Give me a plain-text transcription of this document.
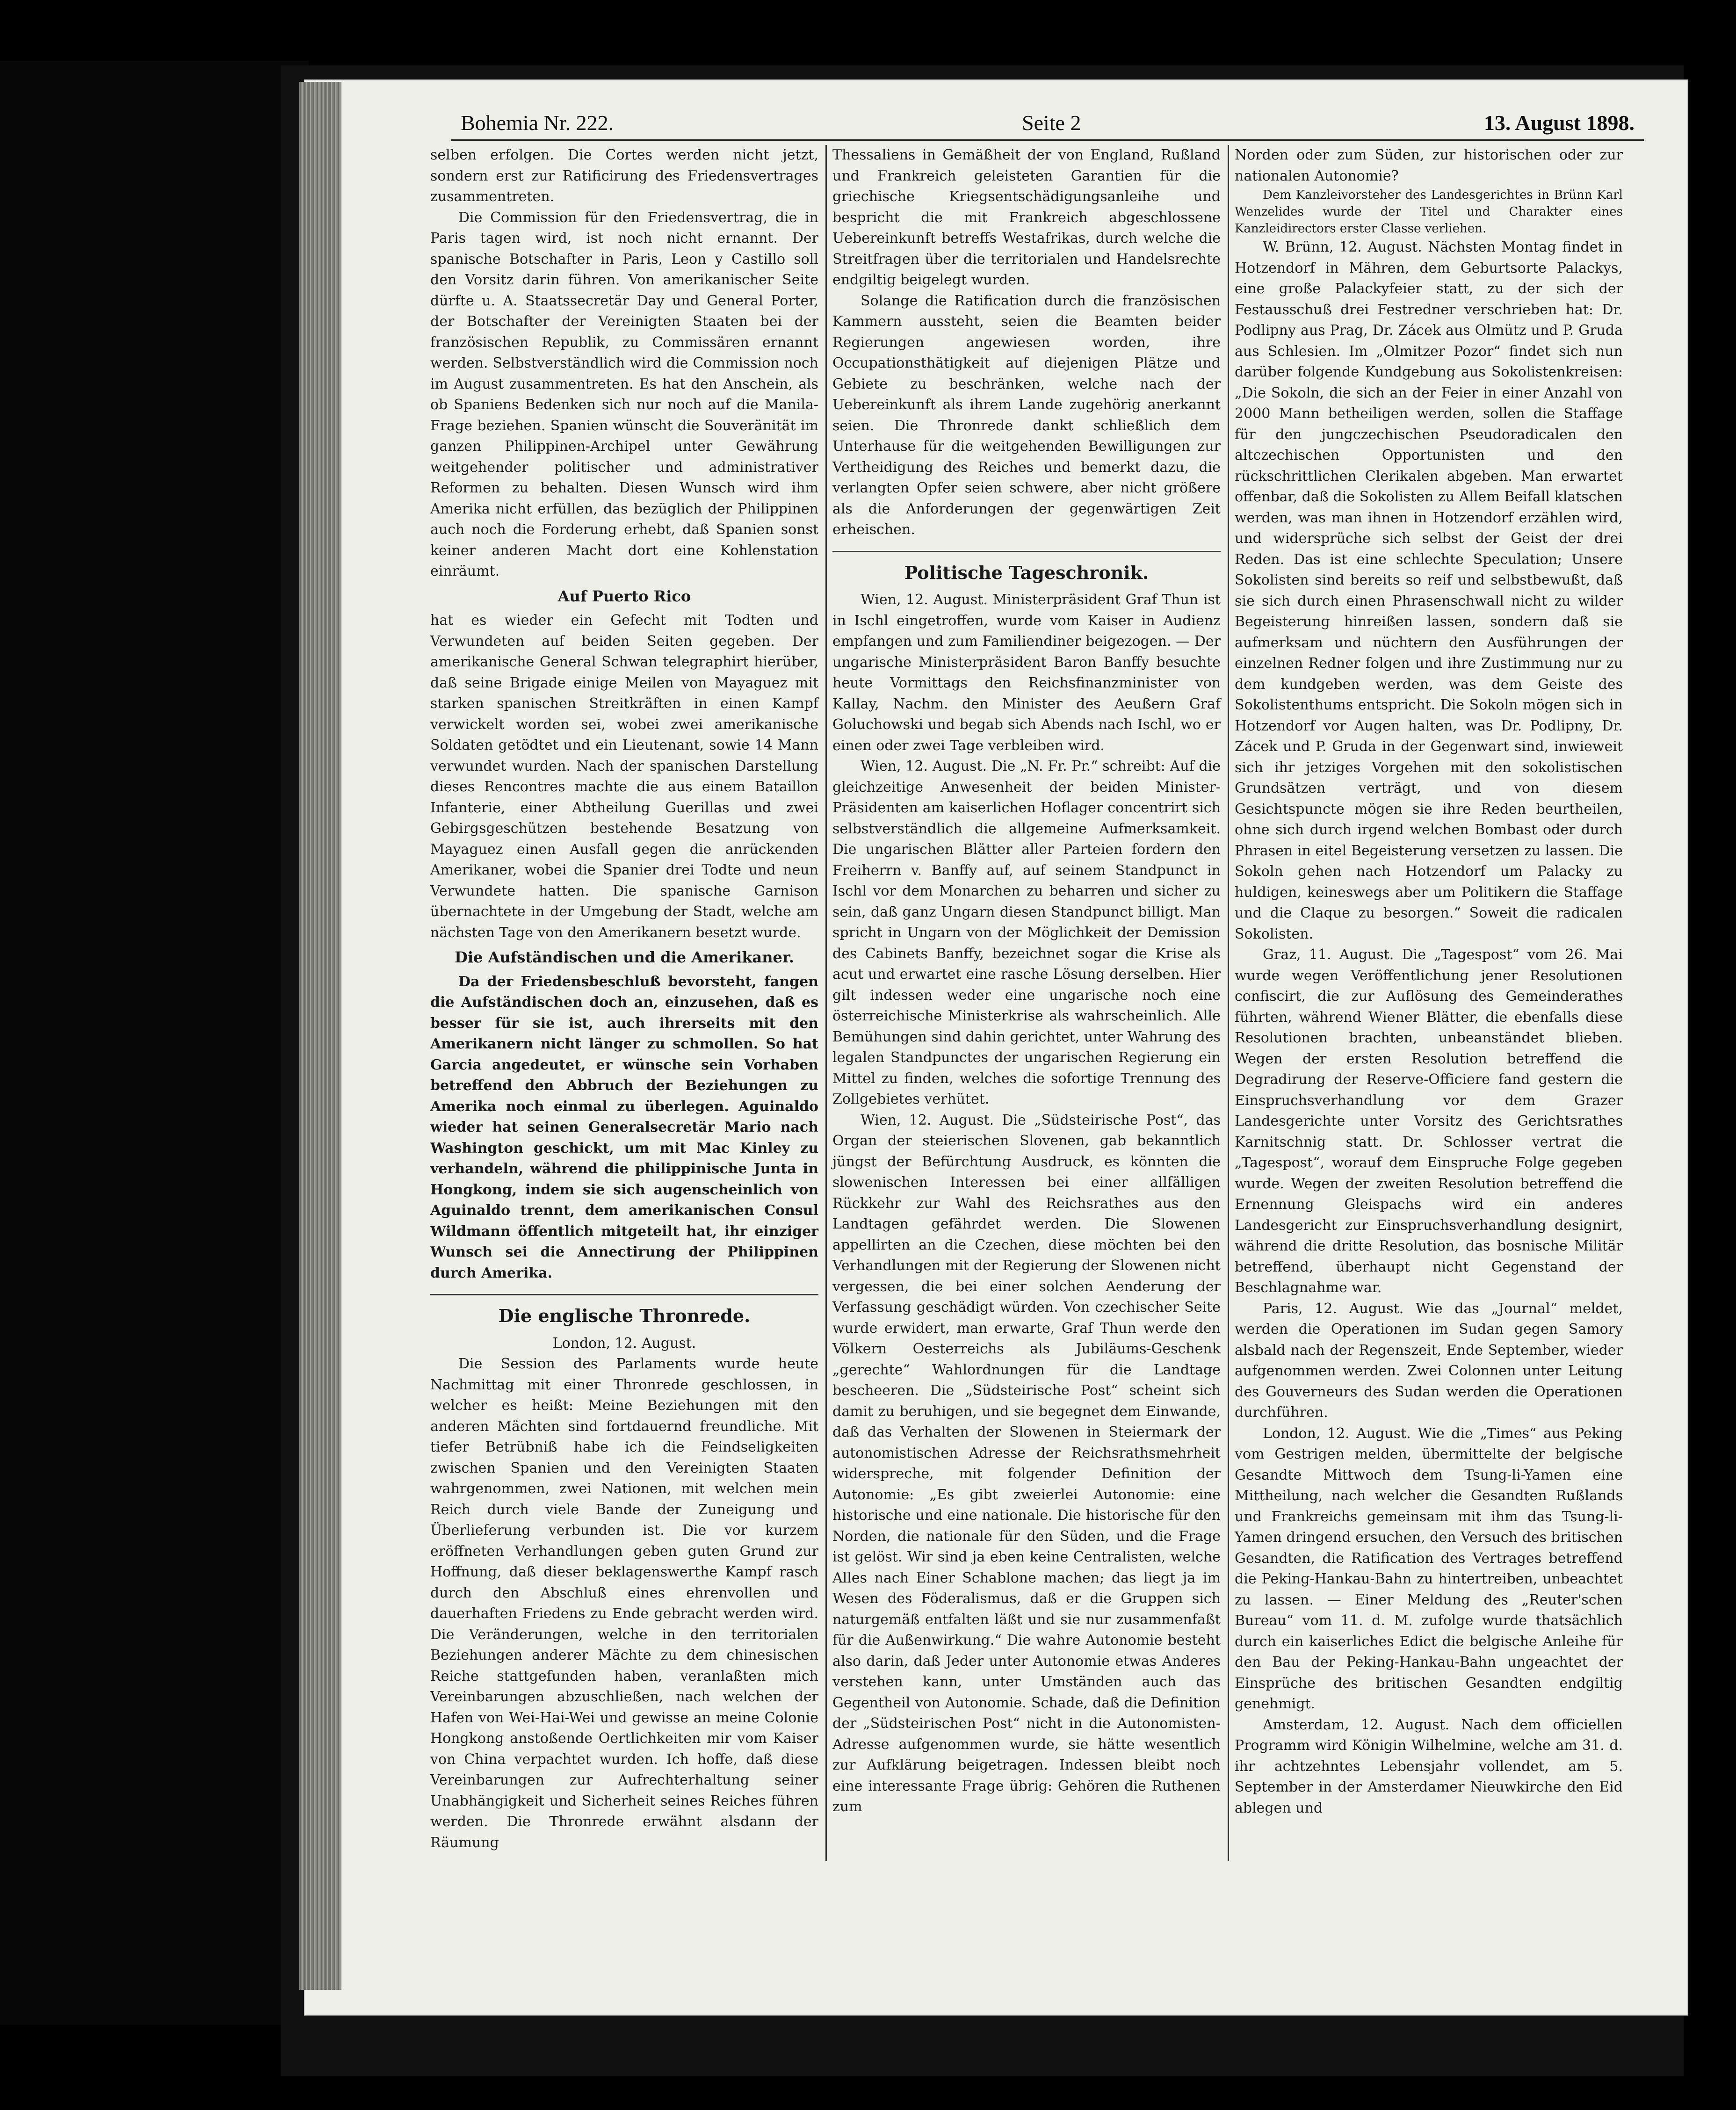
Bohemia Nr. 222.	Seite 2	13. August 1898.

selben erfolgen. Die Cortes werden nicht jetzt, sondern erst zur Ratificirung des Friedensvertrages zusammentreten.

Die Commission für den Friedensvertrag, die in Paris tagen wird, ist noch nicht ernannt. Der spanische Botschafter in Paris, Leon y Castillo soll den Vorsitz darin führen. Von amerikanischer Seite dürfte u. A. Staatssecretär Day und General Porter, der Botschafter der Vereinigten Staaten bei der französischen Republik, zu Commissären ernannt werden. Selbstverständlich wird die Commission noch im August zusammentreten. Es hat den Anschein, als ob Spaniens Bedenken sich nur noch auf die Manila-Frage beziehen. Spanien wünscht die Souveränität im ganzen Philippinen-Archipel unter Gewährung weitgehender politischer und administrativer Reformen zu behalten. Diesen Wunsch wird ihm Amerika nicht erfüllen, das bezüglich der Philippinen auch noch die Forderung erhebt, daß Spanien sonst keiner anderen Macht dort eine Kohlenstation einräumt.

Auf Puerto Rico

hat es wieder ein Gefecht mit Todten und Verwundeten auf beiden Seiten gegeben. Der amerikanische General Schwan telegraphirt hierüber, daß seine Brigade einige Meilen von Mayaguez mit starken spanischen Streitkräften in einen Kampf verwickelt worden sei, wobei zwei amerikanische Soldaten getödtet und ein Lieutenant, sowie 14 Mann verwundet wurden. Nach der spanischen Darstellung dieses Rencontres machte die aus einem Bataillon Infanterie, einer Abtheilung Guerillas und zwei Gebirgsgeschützen bestehende Besatzung von Mayaguez einen Ausfall gegen die anrückenden Amerikaner, wobei die Spanier drei Todte und neun Verwundete hatten. Die spanische Garnison übernachtete in der Umgebung der Stadt, welche am nächsten Tage von den Amerikanern besetzt wurde.

Die Aufständischen und die Amerikaner.

Da der Friedensbeschluß bevorsteht, fangen die Aufständischen doch an, einzusehen, daß es besser für sie ist, auch ihrerseits mit den Amerikanern nicht länger zu schmollen. So hat Garcia angedeutet, er wünsche sein Vorhaben betreffend den Abbruch der Beziehungen zu Amerika noch einmal zu überlegen. Aguinaldo wieder hat seinen Generalsecretär Mario nach Washington geschickt, um mit Mac Kinley zu verhandeln, während die philippinische Junta in Hongkong, indem sie sich augenscheinlich von Aguinaldo trennt, dem amerikanischen Consul Wildmann öffentlich mitgeteilt hat, ihr einziger Wunsch sei die Annectirung der Philippinen durch Amerika.

Die englische Thronrede.

London, 12. August.

Die Session des Parlaments wurde heute Nachmittag mit einer Thronrede geschlossen, in welcher es heißt: Meine Beziehungen mit den anderen Mächten sind fortdauernd freundliche. Mit tiefer Betrübniß habe ich die Feindseligkeiten zwischen Spanien und den Vereinigten Staaten wahrgenommen, zwei Nationen, mit welchen mein Reich durch viele Bande der Zuneigung und Überlieferung verbunden ist. Die vor kurzem eröffneten Verhandlungen geben guten Grund zur Hoffnung, daß dieser beklagenswerthe Kampf rasch durch den Abschluß eines ehrenvollen und dauerhaften Friedens zu Ende gebracht werden wird. Die Veränderungen, welche in den territorialen Beziehungen anderer Mächte zu dem chinesischen Reiche stattgefunden haben, veranlaßten mich Vereinbarungen abzuschließen, nach welchen der Hafen von Wei-Hai-Wei und gewisse an meine Colonie Hongkong anstoßende Oertlichkeiten mir vom Kaiser von China verpachtet wurden. Ich hoffe, daß diese Vereinbarungen zur Aufrechterhaltung seiner Unabhängigkeit und Sicherheit seines Reiches führen werden. Die Thronrede erwähnt alsdann der Räumung

Thessaliens in Gemäßheit der von England, Rußland und Frankreich geleisteten Garantien für die griechische Kriegsentschädigungsanleihe und bespricht die mit Frankreich abgeschlossene Uebereinkunft betreffs Westafrikas, durch welche die Streitfragen über die territorialen und Handelsrechte endgiltig beigelegt wurden.

Solange die Ratification durch die französischen Kammern aussteht, seien die Beamten beider Regierungen angewiesen worden, ihre Occupationsthätigkeit auf diejenigen Plätze und Gebiete zu beschränken, welche nach der Uebereinkunft als ihrem Lande zugehörig anerkannt seien. Die Thronrede dankt schließlich dem Unterhause für die weitgehenden Bewilligungen zur Vertheidigung des Reiches und bemerkt dazu, die verlangten Opfer seien schwere, aber nicht größere als die Anforderungen der gegenwärtigen Zeit erheischen.

Politische Tageschronik.

Wien, 12. August. Ministerpräsident Graf Thun ist in Ischl eingetroffen, wurde vom Kaiser in Audienz empfangen und zum Familiendiner beigezogen. — Der ungarische Ministerpräsident Baron Banffy besuchte heute Vormittags den Reichsfinanzminister von Kallay, Nachm. den Minister des Aeußern Graf Goluchowski und begab sich Abends nach Ischl, wo er einen oder zwei Tage verbleiben wird.

Wien, 12. August. Die „N. Fr. Pr.“ schreibt: Auf die gleichzeitige Anwesenheit der beiden Minister-Präsidenten am kaiserlichen Hoflager concentrirt sich selbstverständlich die allgemeine Aufmerksamkeit. Die ungarischen Blätter aller Parteien fordern den Freiherrn v. Banffy auf, auf seinem Standpunct in Ischl vor dem Monarchen zu beharren und sicher zu sein, daß ganz Ungarn diesen Standpunct billigt. Man spricht in Ungarn von der Möglichkeit der Demission des Cabinets Banffy, bezeichnet sogar die Krise als acut und erwartet eine rasche Lösung derselben. Hier gilt indessen weder eine ungarische noch eine österreichische Ministerkrise als wahrscheinlich. Alle Bemühungen sind dahin gerichtet, unter Wahrung des legalen Standpunctes der ungarischen Regierung ein Mittel zu finden, welches die sofortige Trennung des Zollgebietes verhütet.

Wien, 12. August. Die „Südsteirische Post“, das Organ der steierischen Slovenen, gab bekanntlich jüngst der Befürchtung Ausdruck, es könnten die slowenischen Interessen bei einer allfälligen Rückkehr zur Wahl des Reichsrathes aus den Landtagen gefährdet werden. Die Slowenen appellirten an die Czechen, diese möchten bei den Verhandlungen mit der Regierung der Slowenen nicht vergessen, die bei einer solchen Aenderung der Verfassung geschädigt würden. Von czechischer Seite wurde erwidert, man erwarte, Graf Thun werde den Völkern Oesterreichs als Jubiläums-Geschenk „gerechte“ Wahlordnungen für die Landtage bescheeren. Die „Südsteirische Post“ scheint sich damit zu beruhigen, und sie begegnet dem Einwande, daß das Verhalten der Slowenen in Steiermark der autonomistischen Adresse der Reichsrathsmehrheit widerspreche, mit folgender Definition der Autonomie: „Es gibt zweierlei Autonomie: eine historische und eine nationale. Die historische für den Norden, die nationale für den Süden, und die Frage ist gelöst. Wir sind ja eben keine Centralisten, welche Alles nach Einer Schablone machen; das liegt ja im Wesen des Föderalismus, daß er die Gruppen sich naturgemäß entfalten läßt und sie nur zusammenfaßt für die Außenwirkung.“ Die wahre Autonomie besteht also darin, daß Jeder unter Autonomie etwas Anderes verstehen kann, unter Umständen auch das Gegentheil von Autonomie. Schade, daß die Definition der „Südsteirischen Post“ nicht in die Autonomisten-Adresse aufgenommen wurde, sie hätte wesentlich zur Aufklärung beigetragen. Indessen bleibt noch eine interessante Frage übrig: Gehören die Ruthenen zum

Norden oder zum Süden, zur historischen oder zur nationalen Autonomie?

Dem Kanzleivorsteher des Landesgerichtes in Brünn Karl Wenzelides wurde der Titel und Charakter eines Kanzleidirectors erster Classe verliehen.

W. Brünn, 12. August. Nächsten Montag findet in Hotzendorf in Mähren, dem Geburtsorte Palackys, eine große Palackyfeier statt, zu der sich der Festausschuß drei Festredner verschrieben hat: Dr. Podlipny aus Prag, Dr. Zácek aus Olmütz und P. Gruda aus Schlesien. Im „Olmitzer Pozor“ findet sich nun darüber folgende Kundgebung aus Sokolistenkreisen: „Die Sokoln, die sich an der Feier in einer Anzahl von 2000 Mann betheiligen werden, sollen die Staffage für den jungczechischen Pseudoradicalen den altczechischen Opportunisten und den rückschrittlichen Clerikalen abgeben. Man erwartet offenbar, daß die Sokolisten zu Allem Beifall klatschen werden, was man ihnen in Hotzendorf erzählen wird, und widersprüche sich selbst der Geist der drei Reden. Das ist eine schlechte Speculation; Unsere Sokolisten sind bereits so reif und selbstbewußt, daß sie sich durch einen Phrasenschwall nicht zu wilder Begeisterung hinreißen lassen, sondern daß sie aufmerksam und nüchtern den Ausführungen der einzelnen Redner folgen und ihre Zustimmung nur zu dem kundgeben werden, was dem Geiste des Sokolistenthums entspricht. Die Sokoln mögen sich in Hotzendorf vor Augen halten, was Dr. Podlipny, Dr. Zácek und P. Gruda in der Gegenwart sind, inwieweit sich ihr jetziges Vorgehen mit den sokolistischen Grundsätzen verträgt, und von diesem Gesichtspuncte mögen sie ihre Reden beurtheilen, ohne sich durch irgend welchen Bombast oder durch Phrasen in eitel Begeisterung versetzen zu lassen. Die Sokoln gehen nach Hotzendorf um Palacky zu huldigen, keineswegs aber um Politikern die Staffage und die Claque zu besorgen.“ Soweit die radicalen Sokolisten.

Graz, 11. August. Die „Tagespost“ vom 26. Mai wurde wegen Veröffentlichung jener Resolutionen confiscirt, die zur Auflösung des Gemeinderathes führten, während Wiener Blätter, die ebenfalls diese Resolutionen brachten, unbeanständet blieben. Wegen der ersten Resolution betreffend die Degradirung der Reserve-Officiere fand gestern die Einspruchsverhandlung vor dem Grazer Landesgerichte unter Vorsitz des Gerichtsrathes Karnitschnig statt. Dr. Schlosser vertrat die „Tagespost“, worauf dem Einspruche Folge gegeben wurde. Wegen der zweiten Resolution betreffend die Ernennung Gleispachs wird ein anderes Landesgericht zur Einspruchsverhandlung designirt, während die dritte Resolution, das bosnische Militär betreffend, überhaupt nicht Gegenstand der Beschlagnahme war.

Paris, 12. August. Wie das „Journal“ meldet, werden die Operationen im Sudan gegen Samory alsbald nach der Regenszeit, Ende September, wieder aufgenommen werden. Zwei Colonnen unter Leitung des Gouverneurs des Sudan werden die Operationen durchführen.

London, 12. August. Wie die „Times“ aus Peking vom Gestrigen melden, übermittelte der belgische Gesandte Mittwoch dem Tsung-li-Yamen eine Mittheilung, nach welcher die Gesandten Rußlands und Frankreichs gemeinsam mit ihm das Tsung-li-Yamen dringend ersuchen, den Versuch des britischen Gesandten, die Ratification des Vertrages betreffend die Peking-Hankau-Bahn zu hintertreiben, unbeachtet zu lassen. — Einer Meldung des „Reuter'schen Bureau“ vom 11. d. M. zufolge wurde thatsächlich durch ein kaiserliches Edict die belgische Anleihe für den Bau der Peking-Hankau-Bahn ungeachtet der Einsprüche des britischen Gesandten endgiltig genehmigt.

Amsterdam, 12. August. Nach dem officiellen Programm wird Königin Wilhelmine, welche am 31. d. ihr achtzehntes Lebensjahr vollendet, am 5. September in der Amsterdamer Nieuwkirche den Eid ablegen und
